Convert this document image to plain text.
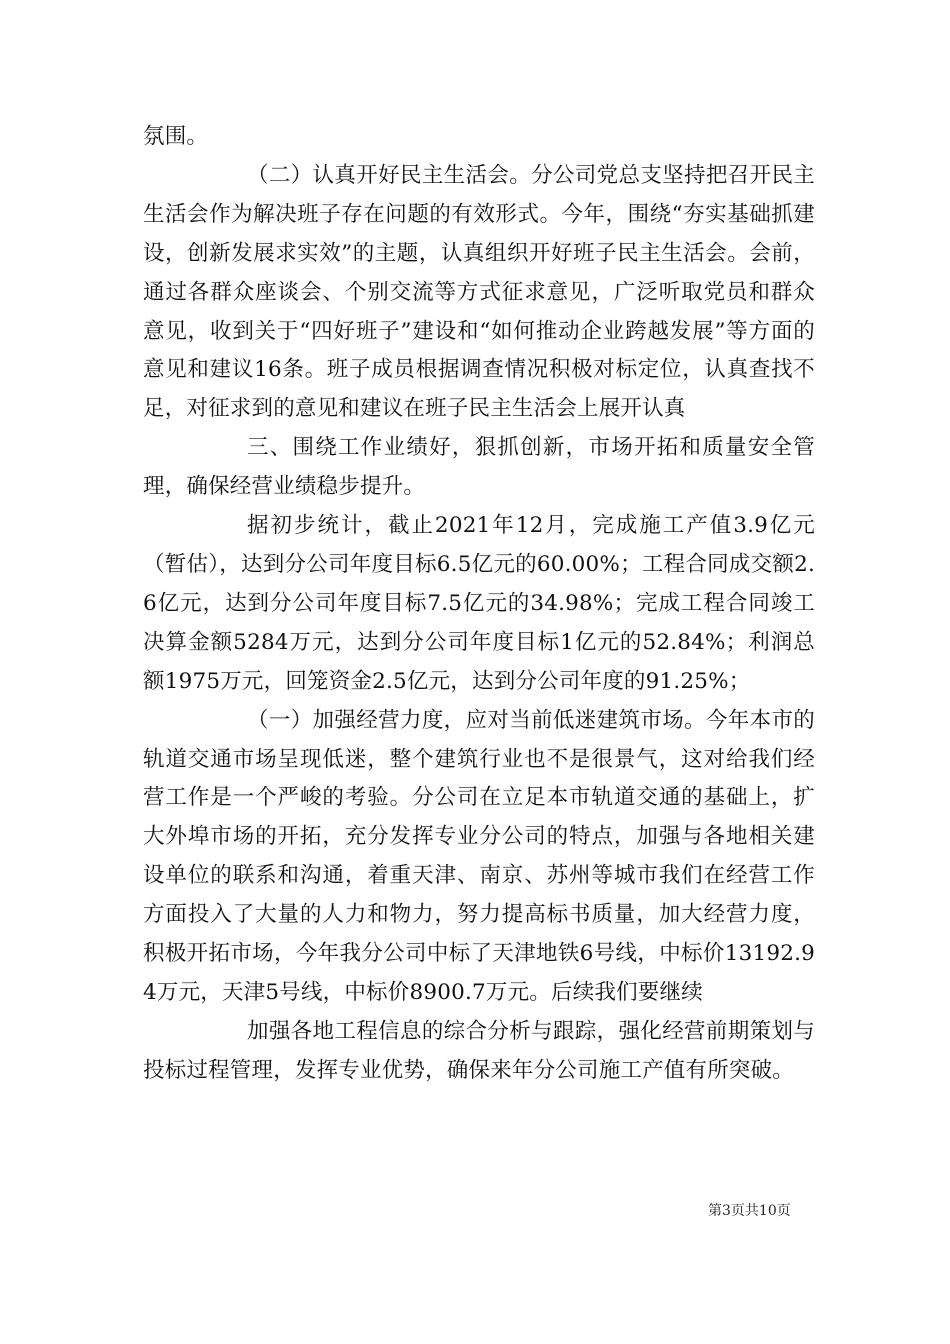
氛围。

（二）认真开好民主生活会。分公司党总支坚持把召开民主生活会作为解决班子存在问题的有效形式。今年，围绕“夯实基础抓建设，创新发展求实效”的主题，认真组织开好班子民主生活会。会前，通过各群众座谈会、个别交流等方式征求意见，广泛听取党员和群众意见，收到关于“四好班子”建设和“如何推动企业跨越发展”等方面的意见和建议16条。班子成员根据调查情况积极对标定位，认真查找不足，对征求到的意见和建议在班子民主生活会上展开认真

三、围绕工作业绩好，狠抓创新，市场开拓和质量安全管理，确保经营业绩稳步提升。

据初步统计，截止2021年12月，完成施工产值3.9亿元（暂估），达到分公司年度目标6.5亿元的60.00%；工程合同成交额2.6亿元，达到分公司年度目标7.5亿元的34.98%；完成工程合同竣工决算金额5284万元，达到分公司年度目标1亿元的52.84%；利润总额1975万元，回笼资金2.5亿元，达到分公司年度的91.25%；

（一）加强经营力度，应对当前低迷建筑市场。今年本市的轨道交通市场呈现低迷，整个建筑行业也不是很景气，这对给我们经营工作是一个严峻的考验。分公司在立足本市轨道交通的基础上，扩大外埠市场的开拓，充分发挥专业分公司的特点，加强与各地相关建设单位的联系和沟通，着重天津、南京、苏州等城市我们在经营工作方面投入了大量的人力和物力，努力提高标书质量，加大经营力度，积极开拓市场，今年我分公司中标了天津地铁6号线，中标价13192.94万元，天津5号线，中标价8900.7万元。后续我们要继续

加强各地工程信息的综合分析与跟踪，强化经营前期策划与投标过程管理，发挥专业优势，确保来年分公司施工产值有所突破。

第3页共10页
